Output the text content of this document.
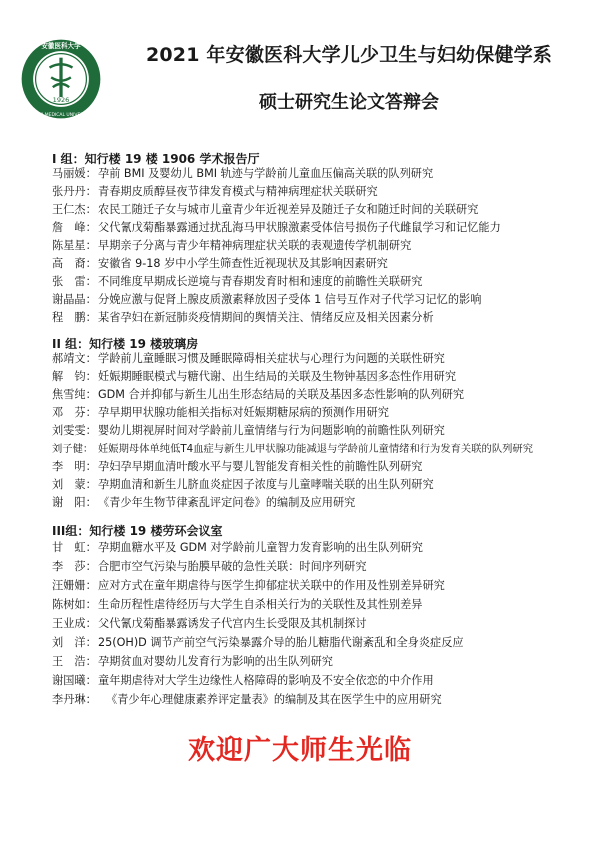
1926
安徽医科大学
ANHUI MEDICAL UNIVERSITY
2021 年安徽医科大学儿少卫生与妇幼保健学系
硕士研究生论文答辩会
I 组：知行楼 19 楼 1906 学术报告厅
马丽媛：孕前 BMI 及婴幼儿 BMI 轨迹与学龄前儿童血压偏高关联的队列研究
张丹丹：青春期皮质醇昼夜节律发育模式与精神病理症状关联研究
王仁杰：农民工随迁子女与城市儿童青少年近视差异及随迁子女和随迁时间的关联研究
詹　峰：父代氰戊菊酯暴露通过扰乱海马甲状腺激素受体信号损伤子代雌鼠学习和记忆能力
陈星星：早期亲子分离与青少年精神病理症状关联的表观遗传学机制研究
高　裔：安徽省 9-18 岁中小学生筛查性近视现状及其影响因素研究
张　雷：不同维度早期成长逆境与青春期发育时相和速度的前瞻性关联研究
谢晶晶：分娩应激与促肾上腺皮质激素释放因子受体 1 信号互作对子代学习记忆的影响
程　鹏：某省孕妇在新冠肺炎疫情期间的舆情关注、情绪反应及相关因素分析
II 组：知行楼 19 楼玻璃房
郝靖文：学龄前儿童睡眠习惯及睡眠障碍相关症状与心理行为问题的关联性研究
解　钧：妊娠期睡眠模式与糖代谢、出生结局的关联及生物钟基因多态性作用研究
焦雪纯：GDM 合并抑郁与新生儿出生形态结局的关联及基因多态性影响的队列研究
邓　芬：孕早期甲状腺功能相关指标对妊娠期糖尿病的预测作用研究
刘雯雯：婴幼儿期视屏时间对学龄前儿童情绪与行为问题影响的前瞻性队列研究
刘子健： 妊娠期母体单纯低T4血症与新生儿甲状腺功能减退与学龄前儿童情绪和行为发育关联的队列研究
李　明：孕妇孕早期血清叶酸水平与婴儿智能发育相关性的前瞻性队列研究
刘　蒙：孕期血清和新生儿脐血炎症因子浓度与儿童哮喘关联的出生队列研究
谢　阳：《青少年生物节律紊乱评定问卷》的编制及应用研究
III组：知行楼 19 楼劳环会议室
甘　虹：孕期血糖水平及 GDM 对学龄前儿童智力发育影响的出生队列研究
李　莎：合肥市空气污染与胎膜早破的急性关联：时间序列研究
汪姗姗：应对方式在童年期虐待与医学生抑郁症状关联中的作用及性别差异研究
陈树如：生命历程性虐待经历与大学生自杀相关行为的关联性及其性别差异
王业成：父代氰戊菊酯暴露诱发子代宫内生长受限及其机制探讨
刘　洋：25(OH)D 调节产前空气污染暴露介导的胎儿糖脂代谢紊乱和全身炎症反应
王　浩：孕期贫血对婴幼儿发育行为影响的出生队列研究
谢国曦：童年期虐待对大学生边缘性人格障碍的影响及不安全依恋的中介作用
李丹琳： 《青少年心理健康素养评定量表》的编制及其在医学生中的应用研究
欢迎广大师生光临
